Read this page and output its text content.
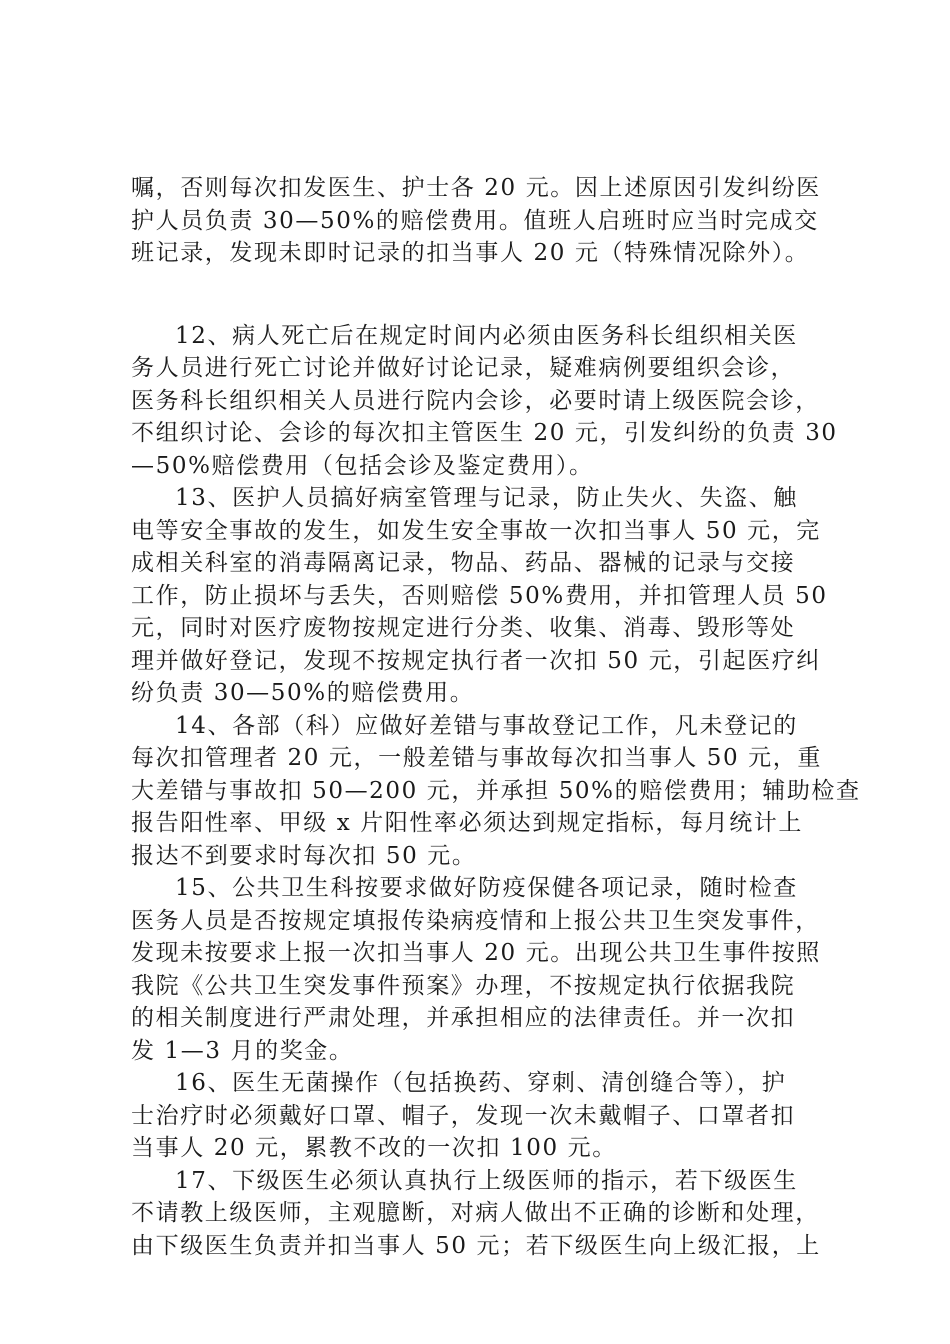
嘱，否则每次扣发医生、护士各 20 元。因上述原因引发纠纷医
护人员负责 30—50%的赔偿费用。值班人启班时应当时完成交
班记录，发现未即时记录的扣当事人 20 元（特殊情况除外）。
12、病人死亡后在规定时间内必须由医务科长组织相关医
务人员进行死亡讨论并做好讨论记录，疑难病例要组织会诊，
医务科长组织相关人员进行院内会诊，必要时请上级医院会诊，
不组织讨论、会诊的每次扣主管医生 20 元，引发纠纷的负责 30
—50%赔偿费用（包括会诊及鉴定费用）。
13、医护人员搞好病室管理与记录，防止失火、失盗、触
电等安全事故的发生，如发生安全事故一次扣当事人 50 元，完
成相关科室的消毒隔离记录，物品、药品、器械的记录与交接
工作，防止损坏与丢失，否则赔偿 50%费用，并扣管理人员 50
元，同时对医疗废物按规定进行分类、收集、消毒、毁形等处
理并做好登记，发现不按规定执行者一次扣 50 元，引起医疗纠
纷负责 30—50%的赔偿费用。
14、各部（科）应做好差错与事故登记工作，凡未登记的
每次扣管理者 20 元，一般差错与事故每次扣当事人 50 元，重
大差错与事故扣 50—200 元，并承担 50%的赔偿费用；辅助检查
报告阳性率、甲级 x 片阳性率必须达到规定指标，每月统计上
报达不到要求时每次扣 50 元。
15、公共卫生科按要求做好防疫保健各项记录，随时检查
医务人员是否按规定填报传染病疫情和上报公共卫生突发事件，
发现未按要求上报一次扣当事人 20 元。出现公共卫生事件按照
我院《公共卫生突发事件预案》办理，不按规定执行依据我院
的相关制度进行严肃处理，并承担相应的法律责任。并一次扣
发 1—3 月的奖金。
16、医生无菌操作（包括换药、穿刺、清创缝合等），护
士治疗时必须戴好口罩、帽子，发现一次未戴帽子、口罩者扣
当事人 20 元，累教不改的一次扣 100 元。
17、下级医生必须认真执行上级医师的指示，若下级医生
不请教上级医师，主观臆断，对病人做出不正确的诊断和处理，
由下级医生负责并扣当事人 50 元；若下级医生向上级汇报，上
